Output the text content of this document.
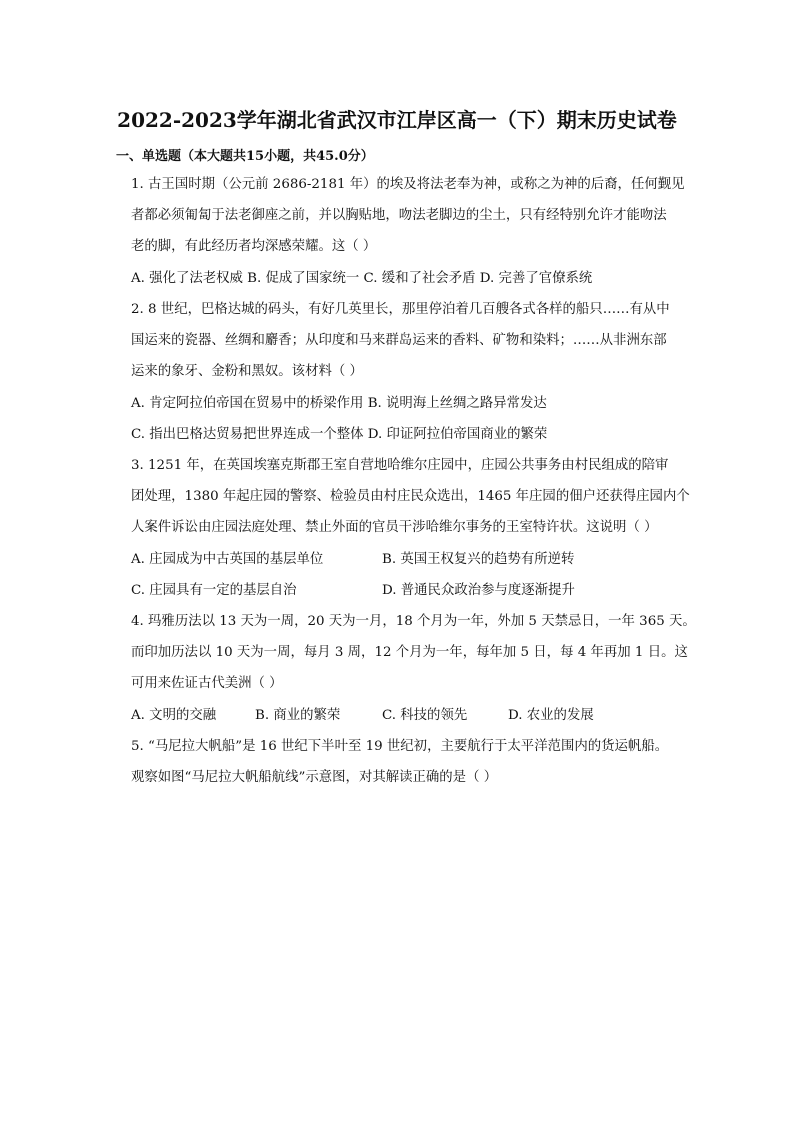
2022-2023学年湖北省武汉市江岸区高一（下）期末历史试卷
一、单选题（本大题共15小题，共45.0分）
1. 古王国时期（公元前 2686-2181 年）的埃及将法老奉为神，或称之为神的后裔，任何觐见
者都必须匍匐于法老御座之前，并以胸贴地，吻法老脚边的尘土，只有经特别允许才能吻法
老的脚，有此经历者均深感荣耀。这（ ）
A. 强化了法老权威 B. 促成了国家统一 C. 缓和了社会矛盾 D. 完善了官僚系统
2. 8 世纪，巴格达城的码头，有好几英里长，那里停泊着几百艘各式各样的船只……有从中
国运来的瓷器、丝绸和麝香；从印度和马来群岛运来的香料、矿物和染料；……从非洲东部
运来的象牙、金粉和黑奴。该材料（ ）
A. 肯定阿拉伯帝国在贸易中的桥梁作用 B. 说明海上丝绸之路异常发达
C. 指出巴格达贸易把世界连成一个整体 D. 印证阿拉伯帝国商业的繁荣
3. 1251 年，在英国埃塞克斯郡王室自营地哈维尔庄园中，庄园公共事务由村民组成的陪审
团处理，1380 年起庄园的警察、检验员由村庄民众选出，1465 年庄园的佃户还获得庄园内个
人案件诉讼由庄园法庭处理、禁止外面的官员干涉哈维尔事务的王室特许状。这说明（ ）
A. 庄园成为中古英国的基层单位	B. 英国王权复兴的趋势有所逆转
C. 庄园具有一定的基层自治	D. 普通民众政治参与度逐渐提升
4. 玛雅历法以 13 天为一周，20 天为一月，18 个月为一年，外加 5 天禁忌日，一年 365 天。
而印加历法以 10 天为一周，每月 3 周，12 个月为一年，每年加 5 日，每 4 年再加 1 日。这
可用来佐证古代美洲（ ）
A. 文明的交融	B. 商业的繁荣	C. 科技的领先	D. 农业的发展
5. “马尼拉大帆船”是 16 世纪下半叶至 19 世纪初，主要航行于太平洋范围内的货运帆船。
观察如图“马尼拉大帆船航线”示意图，对其解读正确的是（ ）
